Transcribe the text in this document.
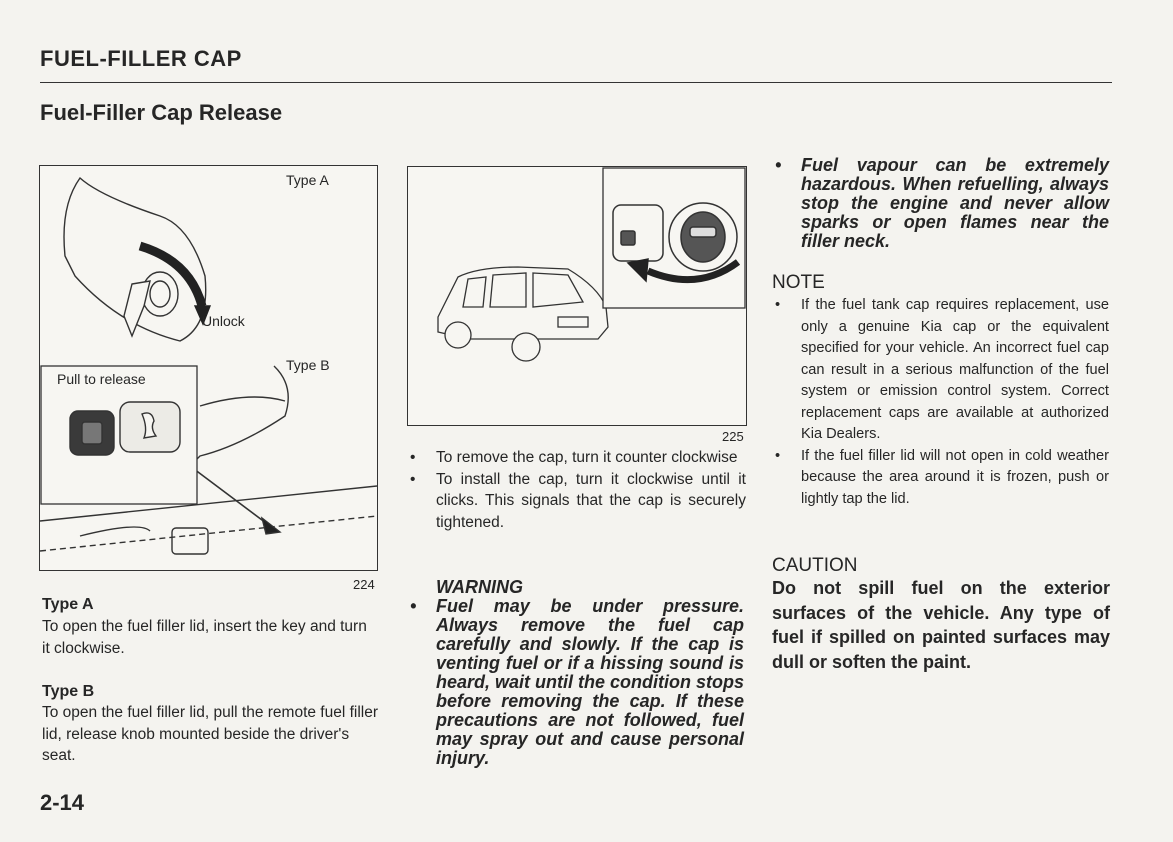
FUEL-FILLER CAP
Fuel-Filler Cap Release
Type A
Unlock
Type B
Pull to release
224
225
Type A
To open the fuel filler lid, insert the key and turn it clockwise.
Type B
To open the fuel filler lid, pull the remote fuel filler lid, release knob mounted beside the driver's seat.
• To remove the cap, turn it counter clockwise
• To install the cap, turn it clockwise until it clicks. This signals that the cap is securely tightened.
WARNING
• Fuel may be under pressure. Always remove the fuel cap carefully and slowly. If the cap is venting fuel or if a hissing sound is heard, wait until the condition stops before removing the cap. If these precautions are not followed, fuel may spray out and cause personal injury.
• Fuel vapour can be extremely hazardous. When refuelling, always stop the engine and never allow sparks or open flames near the filler neck.
NOTE
• If the fuel tank cap requires replacement, use only a genuine Kia cap or the equivalent specified for your vehicle. An incorrect fuel cap can result in a serious malfunction of the fuel system or emission control system. Correct replacement caps are available at authorized Kia Dealers.
• If the fuel filler lid will not open in cold weather because the area around it is frozen, push or lightly tap the lid.
CAUTION
Do not spill fuel on the exterior surfaces of the vehicle. Any type of fuel if spilled on painted surfaces may dull or soften the paint.
2-14
